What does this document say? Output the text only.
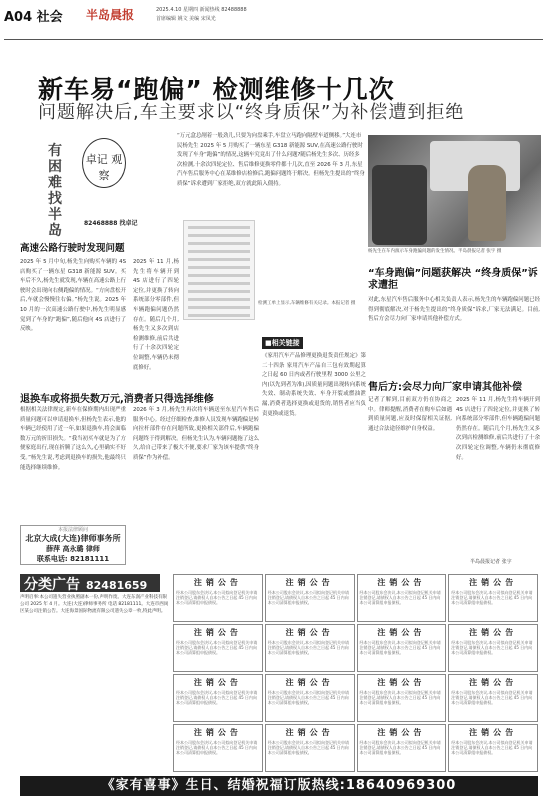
A04 社会 半岛晨报	2025.4.10 星期四 新闻热线 82488888
首席编辑 姚文 美编 宋凤光
新车易“跑偏” 检测维修十几次
问题解决后,车主要求以“终身质保”为补偿遭到拒绝
有困难 找半岛
卓记 观察
82468888 找卓记
“万元盒总剐着一般劲儿,只要为向盘乘手,车盘立马跑向隔壁车道侧移。”大连市民杨先生 2025 年 5 月购买了一辆东星 G318 新能源 SUV,在高速公路行驶时发现了车身“跑偏”的情况,这辆车究竟出了什么问题?随后杨先生多次、历经多次检测,十余次四轮定位、售后维修更换零件都十几次,直至 2026 年 3 月,东星汽车售后服务中心在某维修店检修后,跑偏问题终于解决。但杨先生提出的“终身质保”诉求遭到厂家拒绝,双方就此陷入僵持。
杨先生在车内演示车身跑偏问题的发生情况。半岛晨报记者 张宇 摄
高速公路行驶时发现问题
2025 年 5 月中旬,杨先生向购买车辆的 4S 店购买了一辆东星 G318 新能源 SUV。买车后不久,杨先生就发现,车辆在高速公路上行驶时会出现向右侧跑偏的情况。“方向盘松开后,车就会慢慢往右偏。”杨先生说。2025 年 10 月的一次高速公路行驶中,杨先生明显感觉到了车身的“跑偏”,随后他向 4S 店进行了反映。
2025 年 11 月,杨先生将车辆开到 4S 店进行了四轮定位,并更换了转向系统部分零部件,但车辆跑偏问题仍然存在。随后几个月,杨先生又多次到店检测维修,前后共进行了十余次四轮定位调整,车辆仍未彻底修好。
检测工单上显示,车辆维修有关记录。本报记者 摄
退换车或将损失数万元,消费者只得选择维修
根据相关法律规定,新车在保修期内出现严重质量问题可以申请退换车,但杨先生表示,他的车辆已经使用了近一年,如果退换车,将会面临数万元的折旧损失。“我当初买车就是为了方便家庭出行,现在折腾了这么久,心里确实不好受。”杨先生说,考虑到退换车的损失,他最终只能选择继续维修。
2026 年 3 月,杨先生再次将车辆送至东星汽车售后服务中心。经过仔细检查,维修人员发现车辆跑偏是转向拉杆部件存在问题所致,更换相关部件后,车辆跑偏问题终于得到解决。但杨先生认为,车辆问题拖了这么久,给自己带来了极大不便,要求厂家为该车提供“终身质保”作为补偿。
■相关链接
《家用汽车产品修理更换退货责任规定》第二十四条 家用汽车产品自三包有效期起算之日起 60 日内或者行驶里程 3000 公里之内(以先到者为准),因质量问题出现转向系统失效、制动系统失效、车身开裂或燃油泄漏,消费者选择更换或退货的,销售者应当负责更换或退货。
“车身跑偏”问题获解决 “终身质保”诉求遭拒
对此,东星汽车售后服务中心相关负责人表示,杨先生的车辆跑偏问题已经得到彻底解决,对于杨先生提出的“终身质保”诉求,厂家无法满足。目前,售后方会尽力向厂家申请其他补偿方式。
售后方:会尽力向厂家申请其他补偿
记者了解到,目前双方仍在协商之中。律师提醒,消费者在购车后如遇到质量问题,应及时保留相关证据,通过合法途径维护自身权益。
2025 年 11 月,杨先生将车辆开到 4S 店进行了四轮定位,并更换了转向系统部分零部件,但车辆跑偏问题仍然存在。随后几个月,杨先生又多次到店检测维修,前后共进行了十余次四轮定位调整,车辆仍未彻底修好。
半岛晨报记者 张宇
本报法律顾问
北京大成(大连)律师事务所
薛萍 高永璐 律师
联系电话: 82181111
分类广告 82481659
声明启事:本公司遗失营业执照副本一份,声明作废。大连东润产业科技有限公司 2025 年 4 月。大连(大连)律师事务所 电话 82181111。大连市西岗区某公司注销公告。大连海景国际物流有限公司遗失公章一枚,特此声明。
注销公告
经本公司股东会决议,本公司拟向登记机关申请注销登记,请债权人自本公告之日起 45 日内向本公司清算组申报债权。
注销公告
经本公司股东会决议,本公司拟向登记机关申请注销登记,请债权人自本公告之日起 45 日内向本公司清算组申报债权。
注销公告
经本公司股东会决议,本公司拟向登记机关申请注销登记,请债权人自本公告之日起 45 日内向本公司清算组申报债权。
注销公告
经本公司股东会决议,本公司拟向登记机关申请注销登记,请债权人自本公告之日起 45 日内向本公司清算组申报债权。
注销公告
经本公司股东会决议,本公司拟向登记机关申请注销登记,请债权人自本公告之日起 45 日内向本公司清算组申报债权。
注销公告
经本公司股东会决议,本公司拟向登记机关申请注销登记,请债权人自本公告之日起 45 日内向本公司清算组申报债权。
注销公告
经本公司股东会决议,本公司拟向登记机关申请注销登记,请债权人自本公告之日起 45 日内向本公司清算组申报债权。
注销公告
经本公司股东会决议,本公司拟向登记机关申请注销登记,请债权人自本公告之日起 45 日内向本公司清算组申报债权。
注销公告
经本公司股东会决议,本公司拟向登记机关申请注销登记,请债权人自本公告之日起 45 日内向本公司清算组申报债权。
注销公告
经本公司股东会决议,本公司拟向登记机关申请注销登记,请债权人自本公告之日起 45 日内向本公司清算组申报债权。
注销公告
经本公司股东会决议,本公司拟向登记机关申请注销登记,请债权人自本公告之日起 45 日内向本公司清算组申报债权。
注销公告
经本公司股东会决议,本公司拟向登记机关申请注销登记,请债权人自本公告之日起 45 日内向本公司清算组申报债权。
注销公告
经本公司股东会决议,本公司拟向登记机关申请注销登记,请债权人自本公告之日起 45 日内向本公司清算组申报债权。
注销公告
经本公司股东会决议,本公司拟向登记机关申请注销登记,请债权人自本公告之日起 45 日内向本公司清算组申报债权。
注销公告
经本公司股东会决议,本公司拟向登记机关申请注销登记,请债权人自本公告之日起 45 日内向本公司清算组申报债权。
注销公告
经本公司股东会决议,本公司拟向登记机关申请注销登记,请债权人自本公告之日起 45 日内向本公司清算组申报债权。
《家有喜事》生日、结婚祝福订版热线:18640969300
